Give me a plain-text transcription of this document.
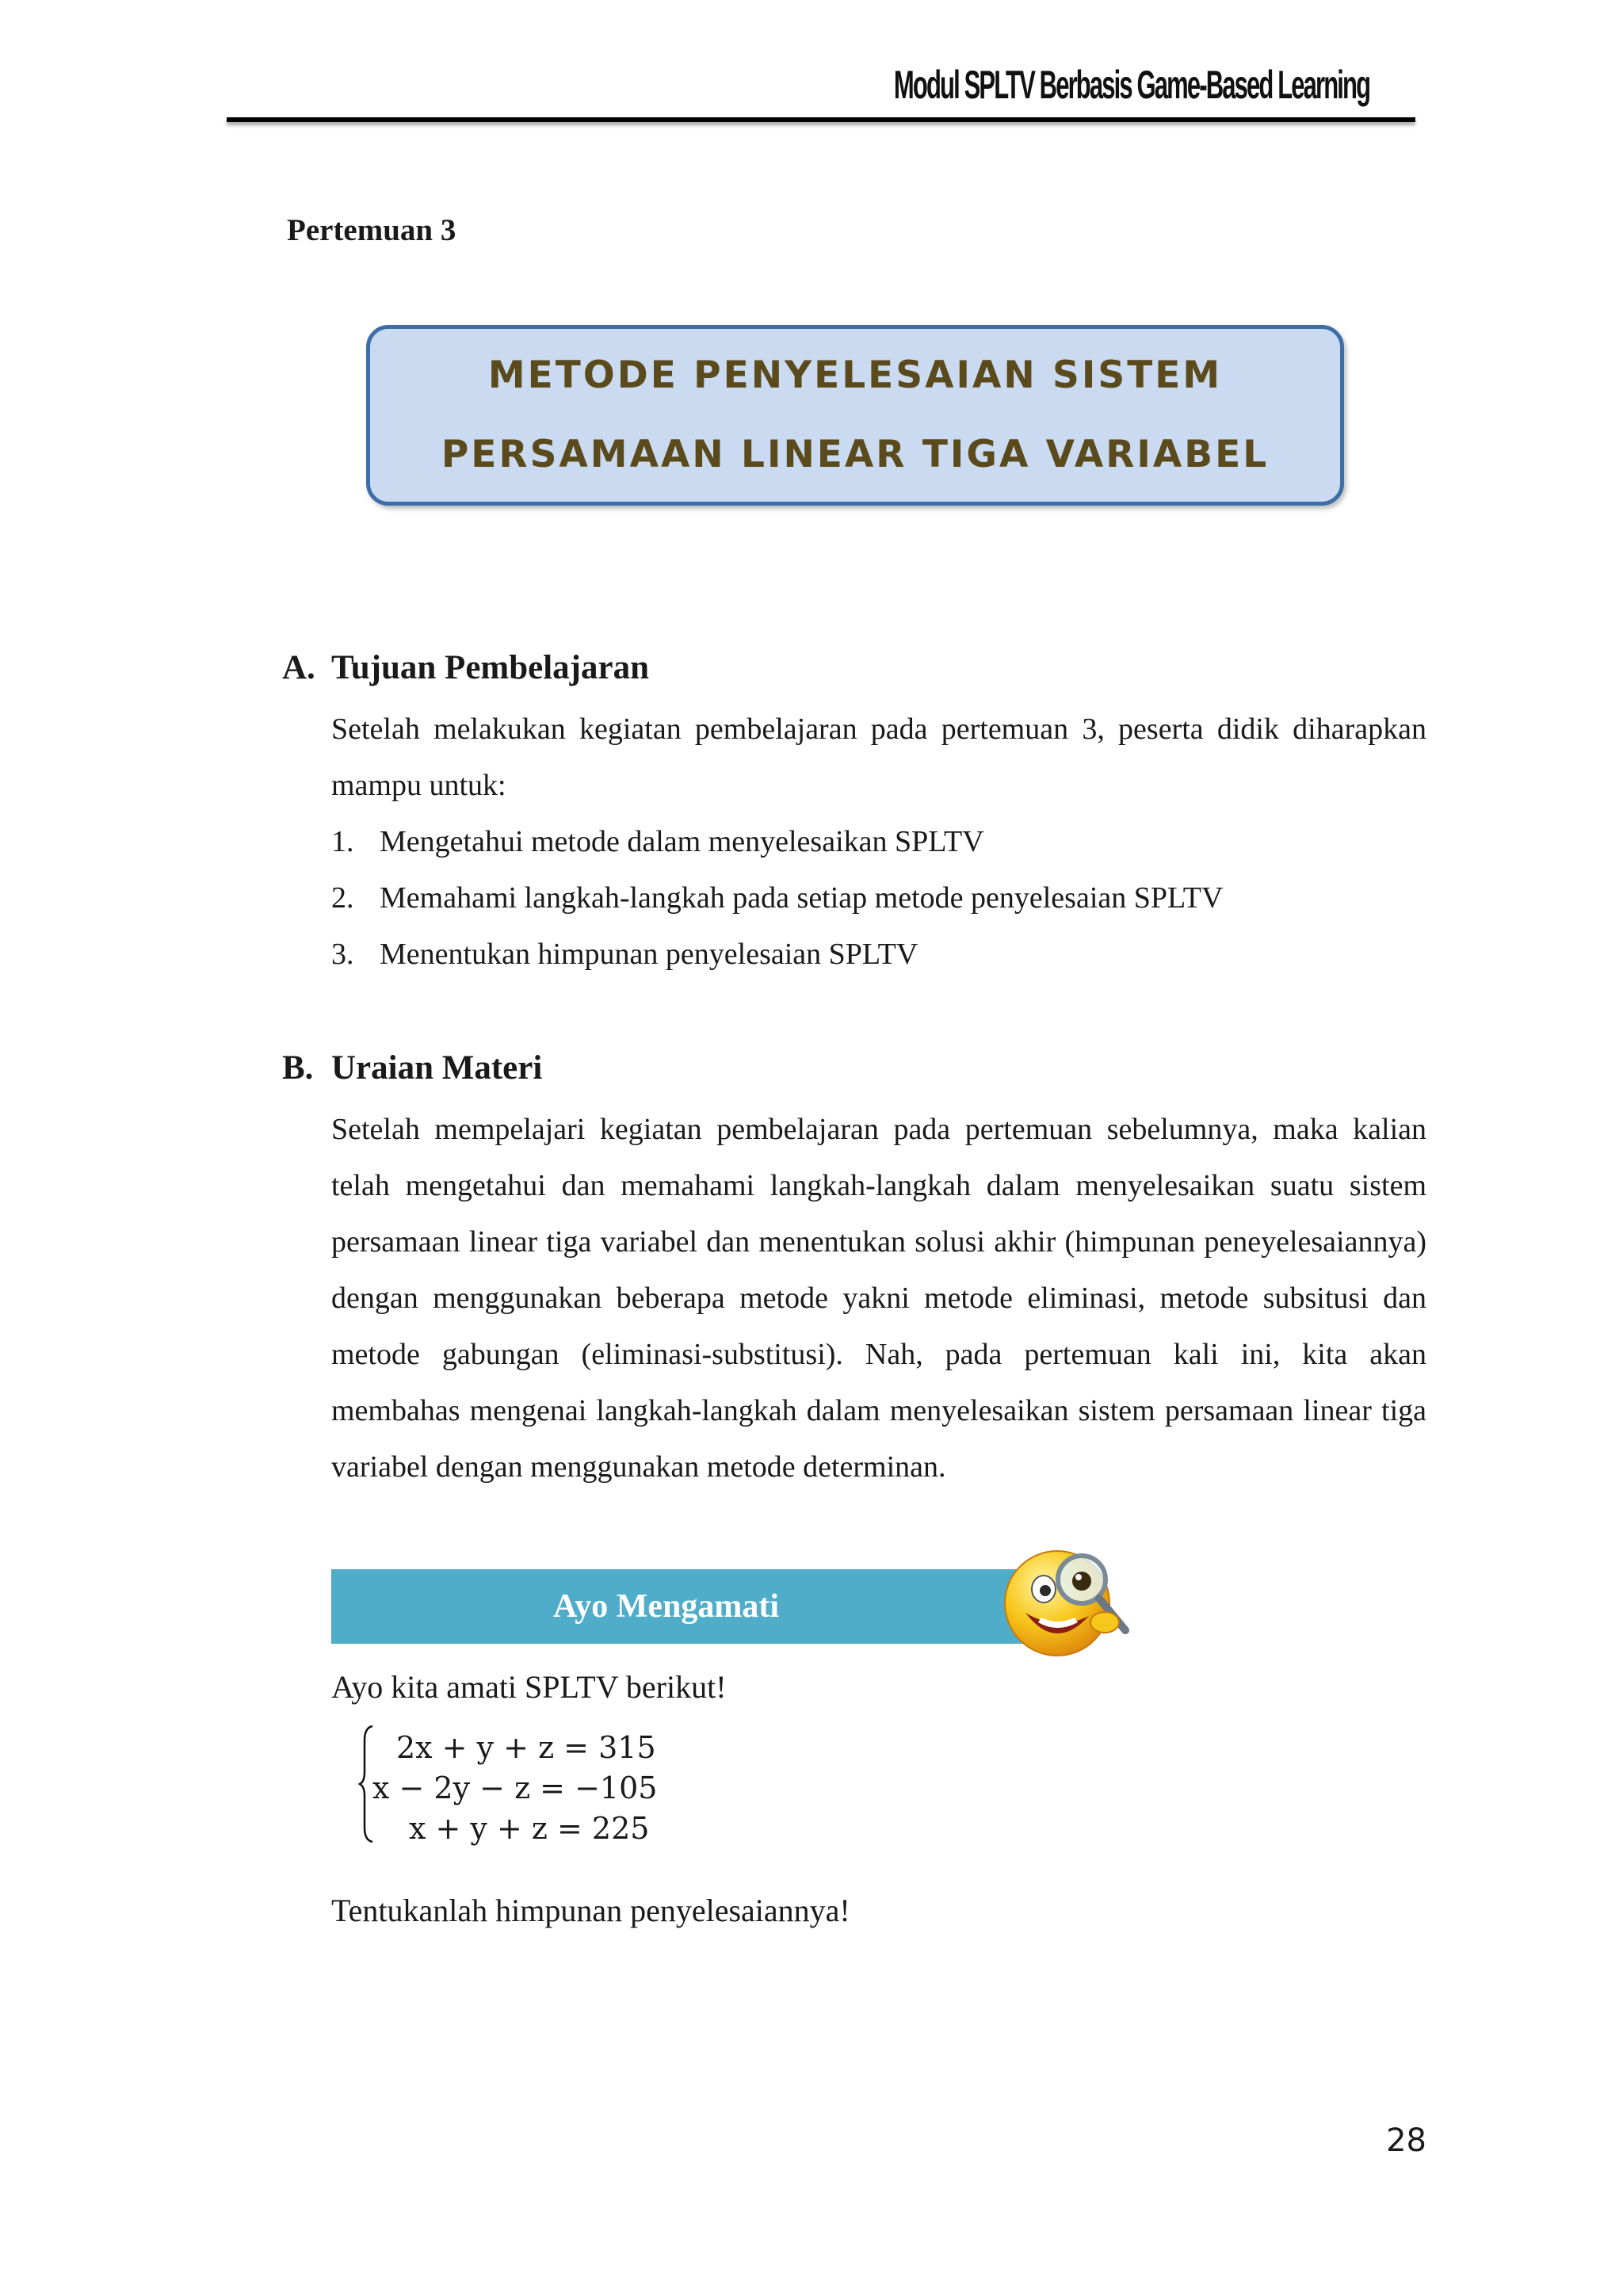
Modul SPLTV Berbasis Game-Based Learning
Pertemuan 3
METODE PENYELESAIAN SISTEM
PERSAMAAN LINEAR TIGA VARIABEL
A. Tujuan Pembelajaran

Setelah melakukan kegiatan pembelajaran pada pertemuan 3, peserta didik diharapkan mampu untuk:

1. Mengetahui metode dalam menyelesaikan SPLTV
2. Memahami langkah-langkah pada setiap metode penyelesaian SPLTV
3. Menentukan himpunan penyelesaian SPLTV
B. Uraian Materi

Setelah mempelajari kegiatan pembelajaran pada pertemuan sebelumnya, maka kalian telah mengetahui dan memahami langkah-langkah dalam menyelesaikan suatu sistem persamaan linear tiga variabel dan menentukan solusi akhir (himpunan peneyelesaiannya) dengan menggunakan beberapa metode yakni metode eliminasi, metode subsitusi dan metode gabungan (eliminasi-substitusi). Nah, pada pertemuan kali ini, kita akan membahas mengenai langkah-langkah dalam menyelesaikan sistem persamaan linear tiga variabel dengan menggunakan metode determinan.

Ayo Mengamati
Ayo kita amati SPLTV berikut!
2x + y + z = 315
x − 2y − z = −105
x + y + z = 225
Tentukanlah himpunan penyelesaiannya!
28
